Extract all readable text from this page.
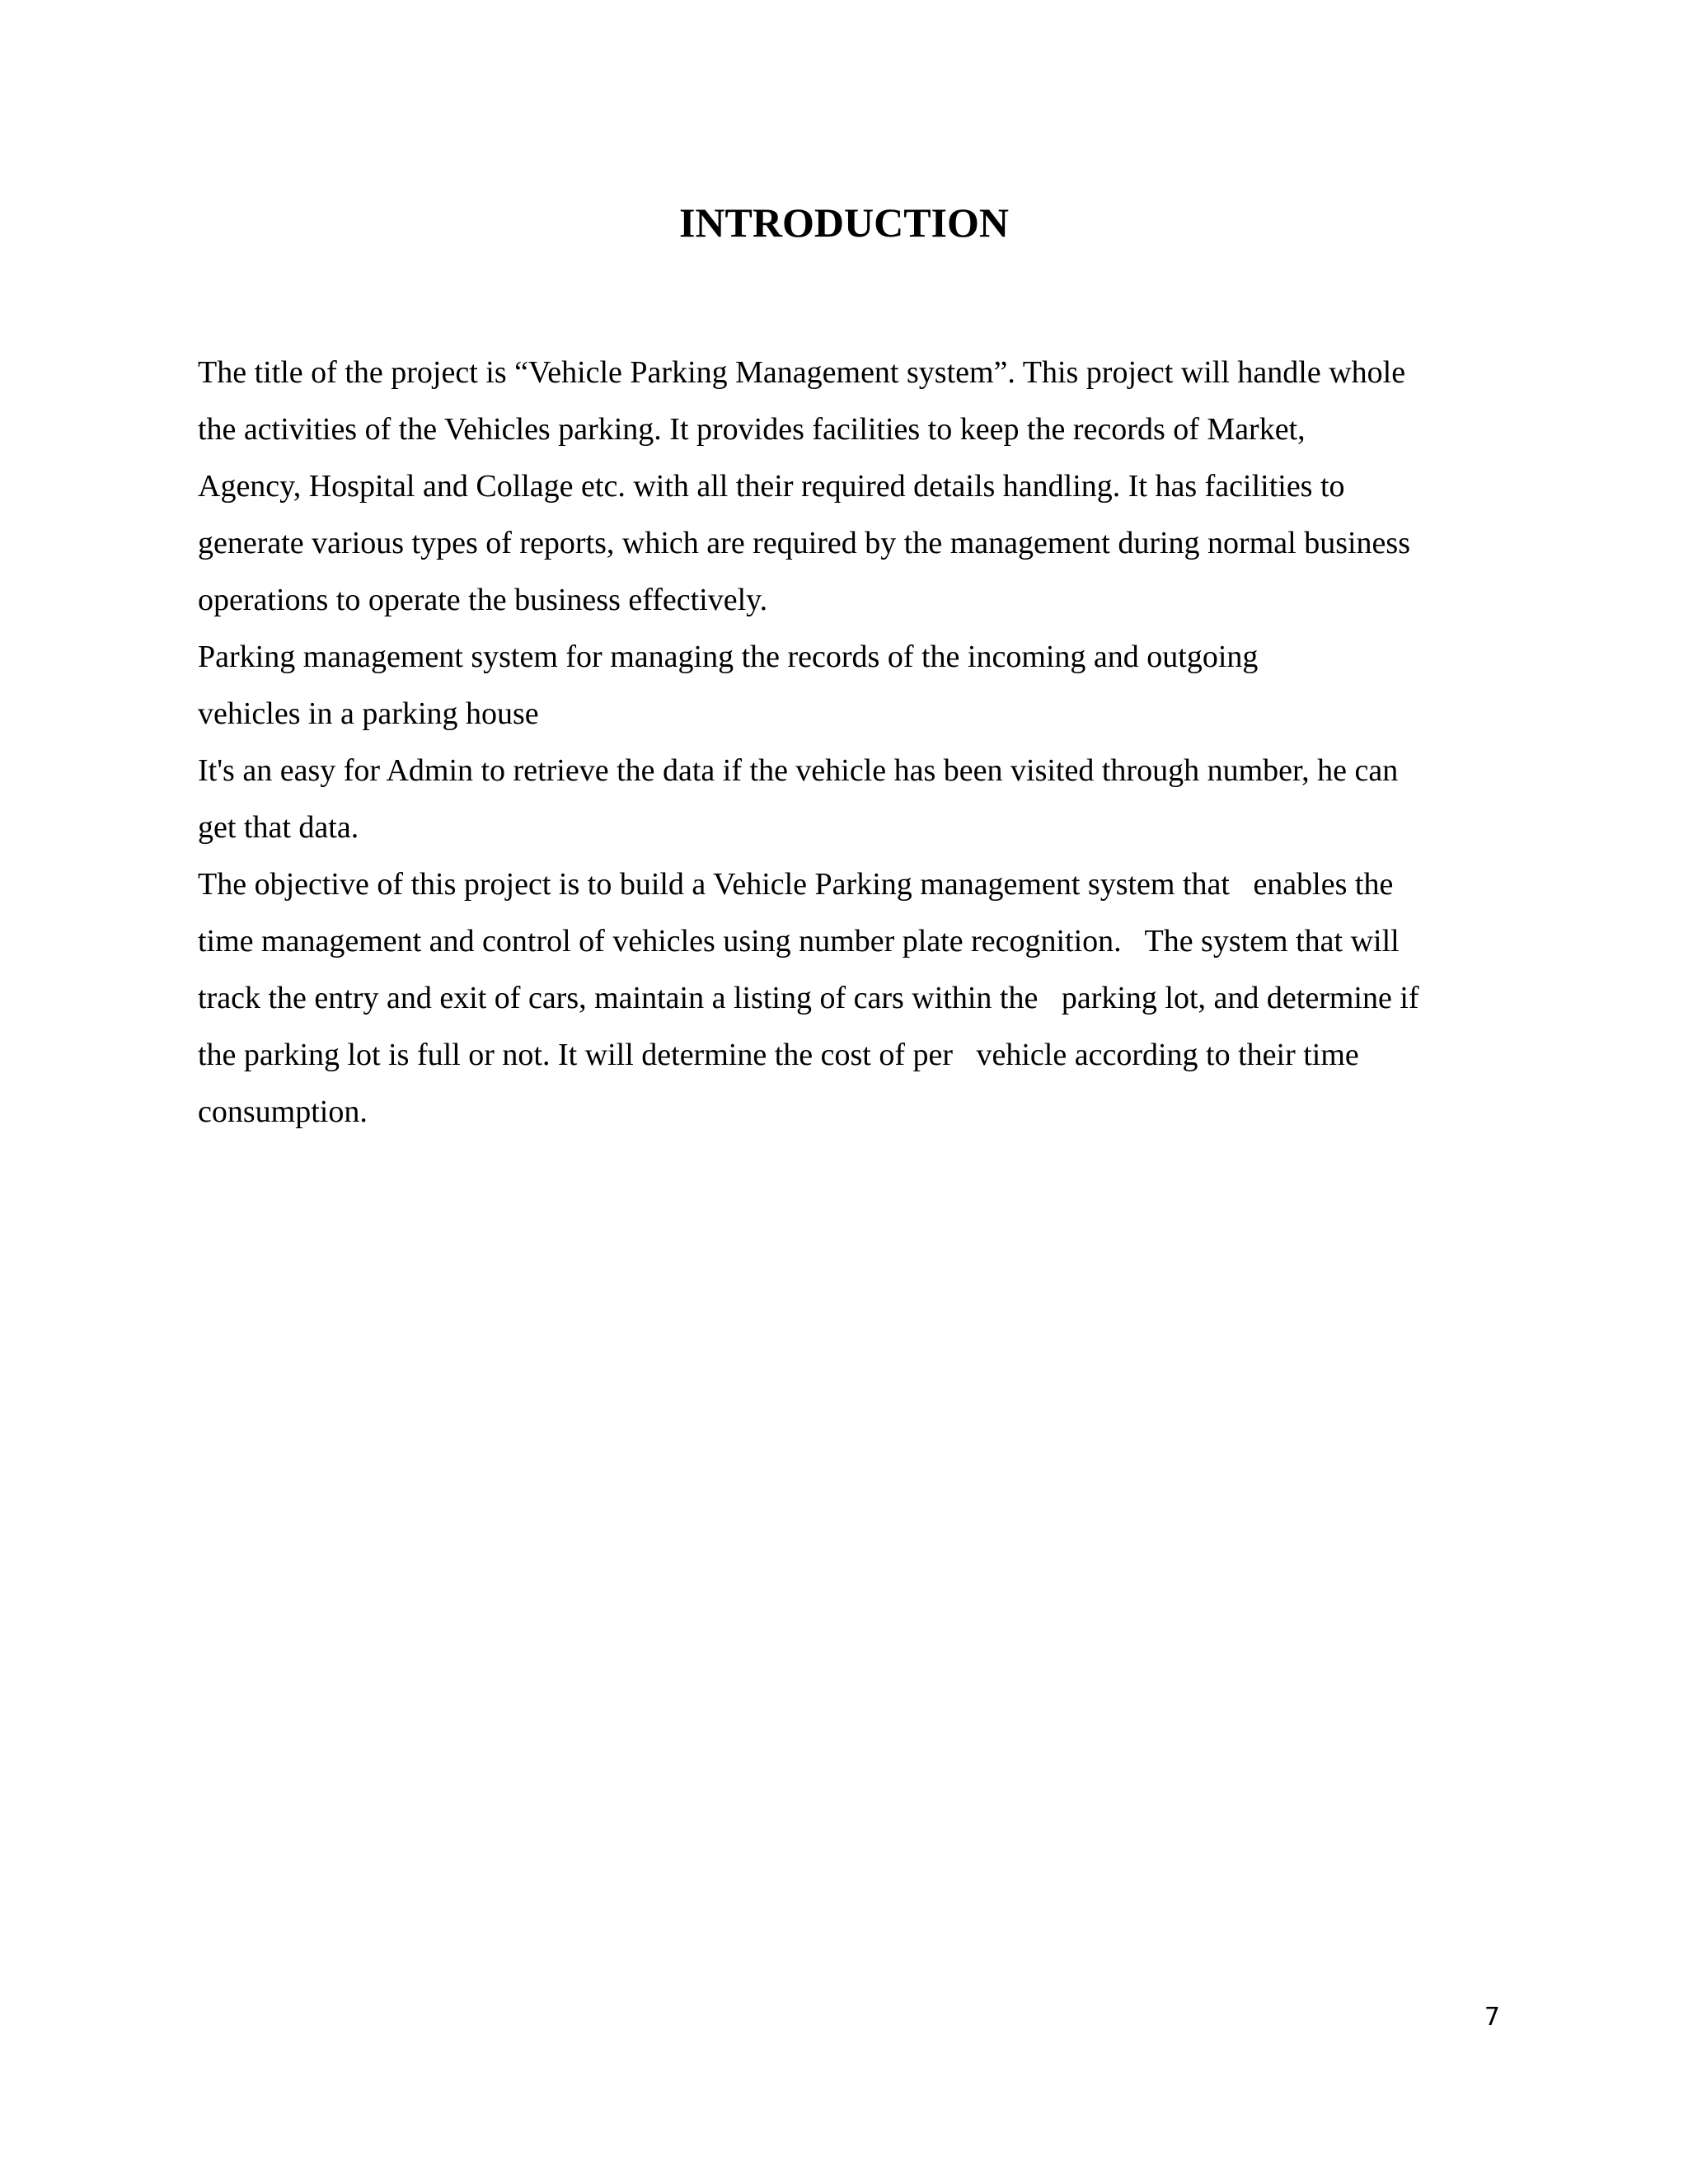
INTRODUCTION
The title of the project is “Vehicle Parking Management system”. This project will handle whole
the activities of the Vehicles parking. It provides facilities to keep the records of Market,
Agency, Hospital and Collage etc. with all their required details handling. It has facilities to
generate various types of reports, which are required by the management during normal business
operations to operate the business effectively.
Parking management system for managing the records of the incoming and outgoing
vehicles in a parking house
It's an easy for Admin to retrieve the data if the vehicle has been visited through number, he can
get that data.
The objective of this project is to build a Vehicle Parking management system that   enables the
time management and control of vehicles using number plate recognition.   The system that will
track the entry and exit of cars, maintain a listing of cars within the   parking lot, and determine if
the parking lot is full or not. It will determine the cost of per   vehicle according to their time
consumption.
7
